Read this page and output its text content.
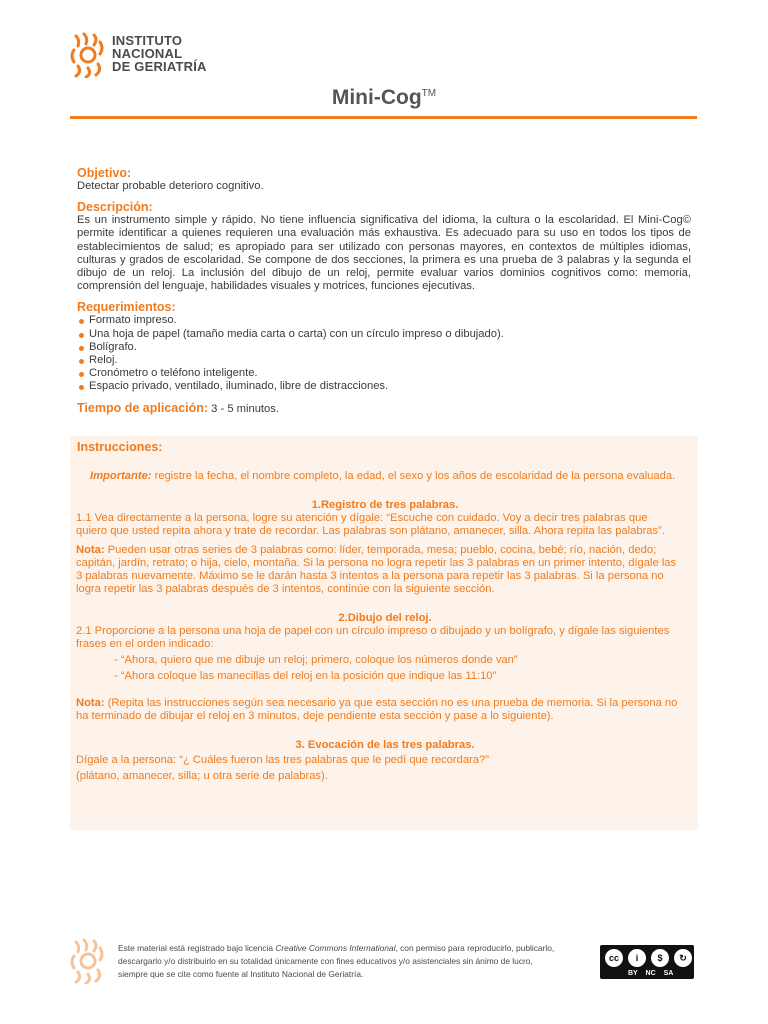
INSTITUTO
NACIONAL
DE GERIATRÍA
Mini-Cog™
Objetivo:
Detectar probable deterioro cognitivo.
Descripción:
Es un instrumento simple y rápido. No tiene influencia significativa del idioma, la cultura o la escolaridad. El Mini-Cog© permite identificar a quienes requieren una evaluación más exhaustiva. Es adecuado para su uso en todos los tipos de establecimientos de salud; es apropiado para ser utilizado con personas mayores, en contextos de múltiples idiomas, culturas y grados de escolaridad. Se compone de dos secciones, la primera es una prueba de 3 palabras y la segunda el dibujo de un reloj. La inclusión del dibujo de un reloj, permite evaluar varios dominios cognitivos como: memoria, comprensión del lenguaje, habilidades visuales y motrices, funciones ejecutivas.
Requerimientos:
Formato impreso.
Una hoja de papel (tamaño media carta o carta) con un círculo impreso o dibujado).
Bolígrafo.
Reloj.
Cronómetro o teléfono inteligente.
Espacio privado, ventilado, iluminado, libre de distracciones.
Tiempo de aplicación: 3 - 5 minutos.
Instrucciones:

Importante: registre la fecha, el nombre completo, la edad, el sexo y los años de escolaridad de la persona evaluada.

1.Registro de tres palabras.

1.1 Vea directamente a la persona, logre su atención y dígale: “Escuche con cuidado. Voy a decir tres palabras que quiero que usted repita ahora y trate de recordar. Las palabras son plátano, amanecer, silla. Ahora repita las palabras”.

Nota: Pueden usar otras series de 3 palabras como: líder, temporada, mesa; pueblo, cocina, bebé; río, nación, dedo; capitán, jardín, retrato; o hija, cielo, montaña. Si la persona no logra repetir las 3 palabras en un primer intento, dígale las 3 palabras nuevamente. Máximo se le darán hasta 3 intentos a la persona para repetir las 3 palabras. Si la persona no logra repetir las 3 palabras después de 3 intentos, continúe con la siguiente sección.

2.Dibujo del reloj.

2.1 Proporcione a la persona una hoja de papel con un círculo impreso o dibujado y un bolígrafo, y dígale las siguientes frases en el orden indicado:

- “Ahora, quiero que me dibuje un reloj; primero, coloque los números donde van”

- “Ahora coloque las manecillas del reloj en la posición que indique las 11:10”

Nota: (Repita las instrucciones según sea necesario ya que esta sección no es una prueba de memoria. Si la persona no ha terminado de dibujar el reloj en 3 minutos, deje pendiente esta sección y pase a lo siguiente).

3. Evocación de las tres palabras.

Dígale a la persona: “¿ Cuáles fueron las tres palabras que le pedí que recordara?”

(plátano, amanecer, silla; u otra serie de palabras).

Este material está registrado bajo licencia Creative Commons International, con permiso para reproducirlo, publicarlo, descargarlo y/o distribuirlo en su totalidad únicamente con fines educativos y/o asistenciales sin ánimo de lucro, siempre que se cite como fuente al Instituto Nacional de Geriatría.
cc	i	$	↻
BY NC SA
